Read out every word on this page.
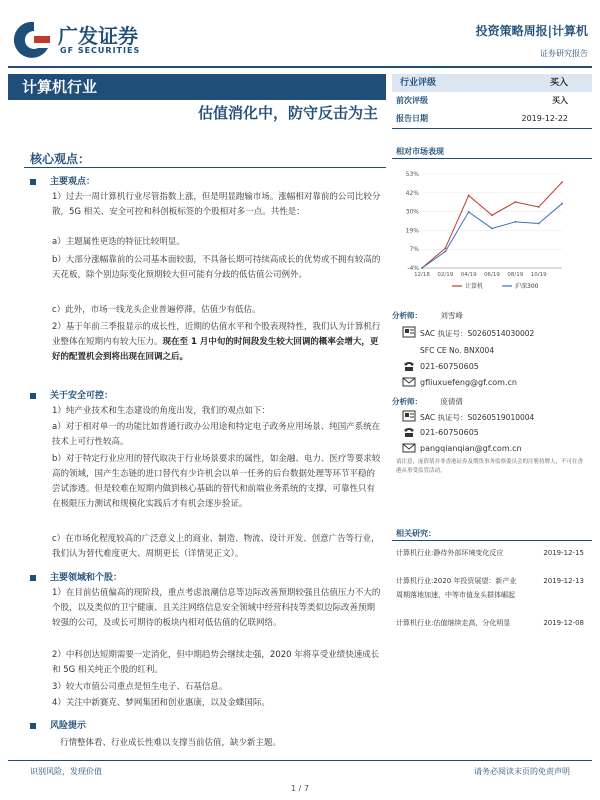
广发证券
GF SECURITIES
投资策略周报|计算机
证券研究报告
计算机行业
估值消化中，防守反击为主
行业评级	买入
前次评级	买入
报告日期	2019-12-22
核心观点：
主要观点：
1）过去一周计算机行业尽管指数上涨，但是明显跑输市场。涨幅相对靠前的公司比较分散，5G 相关、安全可控和科创板标签的个股相对多一点。共性是：
a）主题属性更迭的特征比较明显。
b）大部分涨幅靠前的公司基本面较弱，不具备长期可持续高成长的优势或不拥有较高的天花板，除个别边际变化预期较大但可能有分歧的低估值公司例外。
c）此外，市场一线龙头企业普遍停滞，估值少有低估。
2）基于年前三季报显示的成长性，近期的估值水平和个股表现特性，我们认为计算机行业整体在短期内有较大压力。现在至 1 月中旬的时间段发生较大回调的概率会增大，更好的配置机会到将出现在回调之后。
关于安全可控：
1）纯产业技术和生态建设的角度出发，我们的观点如下：
a）对于相对单一的功能比如普通行政办公用途和特定电子政务应用场景、纯国产系统在技术上可行性较高。
b）对于特定行业应用的替代取决于行业场景要求的属性，如金融、电力、医疗等要求较高的领域，国产生态链的进口替代有少许机会以单一任务的后台数据处理等环节平稳的尝试渗透。但是较难在短期内做到核心基础的替代和前端业务系统的支撑，可靠性只有在极限压力测试和规模化实践后才有机会逐步验证。
c）在市场化程度较高的广泛意义上的商业、制造、物流、设计开发、创意广告等行业，我们认为替代难度更大、周期更长（详情见正文）。
主要领域和个股：
1）在目前估值偏高的现阶段，重点考虑浪潮信息等边际改善预期较强且估值压力不大的个股，以及类似的卫宁健康、且关注网络信息安全领域中经营科技等类似边际改善预期较强的公司，及或长可期待的板块内相对低估值的亿联网络。
2）中科创达短期需要一定消化，但中期趋势会继续走强，2020 年将享受业绩快速成长和 5G 相关纯正个股的红利。
3）较大市值公司重点是恒生电子、石基信息。
4）关注中新赛克、梦网集团和创业惠康，以及金蝶国际。
风险提示
行情整体看、行业成长性难以支撑当前估值，缺少新主题。
相对市场表现
53%
42%
30%
19%
7%
-4%
12/18 02/19 04/19 06/19 08/19 10/19
计算机	沪深300
分析师： 刘雪峰
SAC 执证号：S0260514030002
SFC CE No. BNX004
021-60750605
gfliuxuefeng@gf.com.cn
分析师： 庞倩倩
SAC 执证号：S0260519010004
021-60750605
pangqianqian@gf.com.cn
请注意，庞倩倩并非香港证券及期货事务监察委员会的注册持牌人，不可在香港从事受监管活动。
相关研究：
计算机行业:静待外部环境变化反应	2019-12-15
计算机行业:2020 年投资展望：新产业周期落地加速，中等市值龙头群体崛起
2019-12-13
计算机行业:估值继续走高，分化明显	2019-12-08
识别风险，发现价值	请务必阅读末页的免责声明
1 / 7
